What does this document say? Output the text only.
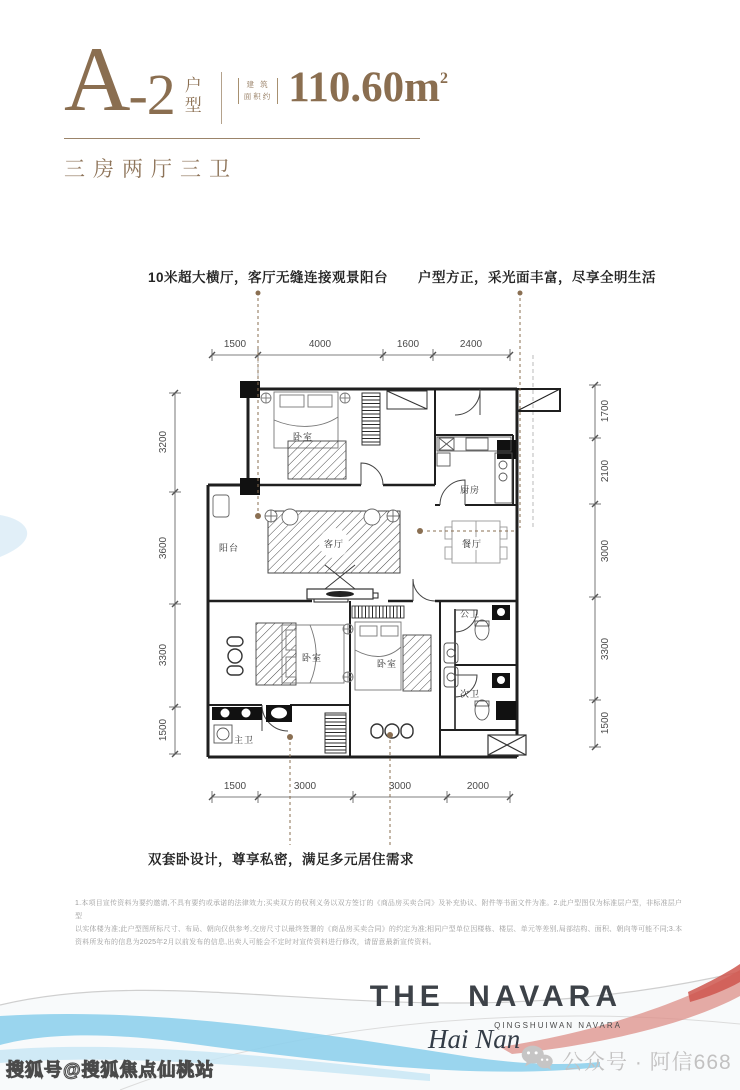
A -2 户
型
建 筑
面积约 $110.60m^2$
三房两厅三卫
10米超大横厅，客厅无缝连接观景阳台 户型方正，采光面丰富，尽享全明生活
双套卧设计，尊享私密，满足多元居住需求
1500	4000	1600	2400
1500	3000	3000	2000
3200
3600
3300
1500
1700
2100
3000
3300
1500
卧室
厨房
阳台	客厅	餐厅
卧室
卧室
公卫
次卫
主卫
1.本项目宣传资料为要约邀请,不具有要约或承诺的法律效力;买卖双方的权利义务以双方签订的《商品房买卖合同》及补充协议、附件等书面文件为准。2.此户型图仅为标准层户型，非标准层户型
以实体楼为准;此户型图所标尺寸、布局、朝向仅供参考,交房尺寸以最终签署的《商品房买卖合同》的约定为准;相同户型单位因楼栋、楼层、单元等差别,局部结构、面积、朝向等可能不同;3.本
资料所发布的信息为2025年2月以前发布的信息,出卖人可能会不定时对宣传资料进行修改，请留意最新宣传资料。
THE NAVARA
QINGSHUIWAN NAVARA
Hai Nan
公众号 · 阿信668
搜狐号@搜狐焦点仙桃站
